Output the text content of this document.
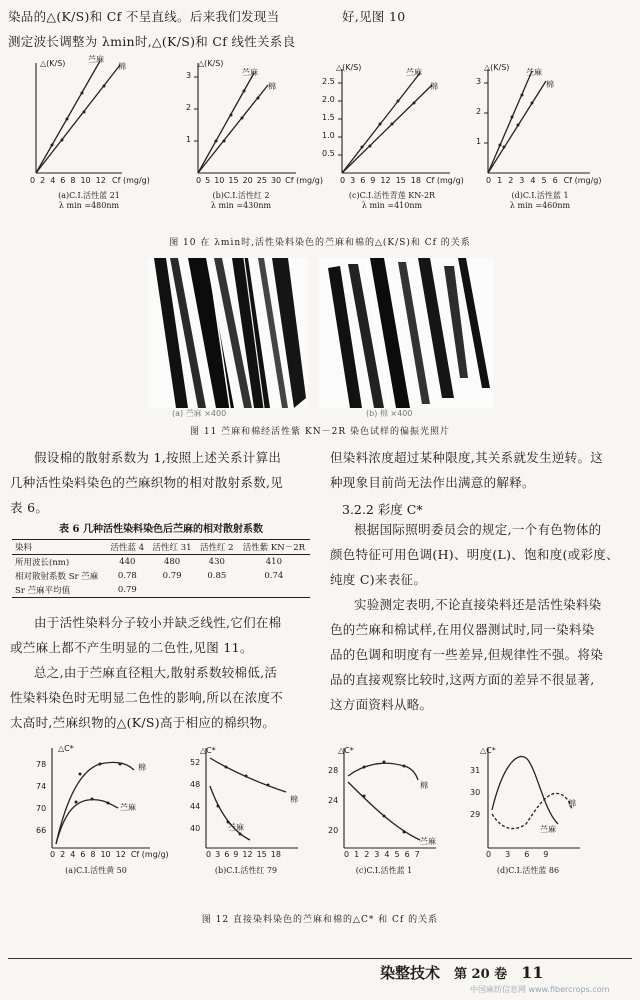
染品的△(K/S)和 Cf 不呈直线。后来我们发现当
测定波长调整为 λmin时,△(K/S)和 Cf 线性关系良
好,见图 10
△(K/S)	苎麻
棉
0 2 4 6 8 10 12 Cf (mg/g)
(a)C.I.活性蓝 21
λ min =480nm
△(K/S)
3
2
1
苎麻
棉
0 5 10 15 20 25 30 Cf (mg/g)
(b)C.I.活性红 2
λ min =430nm
△(K/S)
2.5
2.0
1.5
1.0
0.5
苎麻
棉
0 3 6 9 12 15 18 Cf (mg/g)
(c)C.I.活性青莲 KN-2R
λ min =410nm
△(K/S)
3
2
1
苎麻
棉
0 1 2 3 4 5 6 Cf (mg/g)
(d)C.I.活性蓝 1
λ min =460nm
图 10 在 λmin时,活性染料染色的苎麻和棉的△(K/S)和 Cf 的关系
(a) 苎麻 ×400	(b) 棉 ×400
图 11 苎麻和棉经活性紫 KN－2R 染色试样的偏振光照片
假设棉的散射系数为 1,按照上述关系计算出
几种活性染料染色的苎麻织物的相对散射系数,见
表 6。
表 6 几种活性染料染色后苎麻的相对散射系数
染料	活性蓝 4	活性红 31	活性红 2	活性紫 KN－2R
所用波长(nm)	440	480	430	410
相对散射系数 Sr 苎麻	0.78	0.79	0.85	0.74
Sr 苎麻平均值	0.79			
由于活性染料分子较小并缺乏线性,它们在棉
或苎麻上都不产生明显的二色性,见图 11。
总之,由于苎麻直径粗大,散射系数较棉低,活
性染料染色时无明显二色性的影响,所以在浓度不
太高时,苎麻织物的△(K/S)高于相应的棉织物。
但染料浓度超过某种限度,其关系就发生逆转。这
种现象目前尚无法作出满意的解释。
3.2.2 彩度 C*
根据国际照明委员会的规定,一个有色物体的
颜色特征可用色调(H)、明度(L)、饱和度(或彩度、
纯度 C)来表征。
实验测定表明,不论直接染料还是活性染料染
色的苎麻和棉试样,在用仪器测试时,同一染料染
品的色调和明度有一些差异,但规律性不强。将染
品的直接观察比较时,这两方面的差异不很显著,
这方面资料从略。
△C*
78
74
70
66
棉
苎麻
0 2 4 6 8 10 12 Cf (mg/g)
(a)C.I.活性黄 50
△C*
52
48
44
40
棉
苎麻
0 3 6 9 12 15 18
(b)C.I.活性红 79
△C*
28
24
20
棉
苎麻
0 1 2 3 4 5 6 7
(c)C.I.活性蓝 1
△C*
31
30
29
棉
苎麻
0 3 6 9
(d)C.I.活性蓝 86
图 12 直接染料染色的苎麻和棉的△C* 和 Cf 的关系
染整技术 第 20 卷 11
中国麻纺信息网 www.fibercrops.com
